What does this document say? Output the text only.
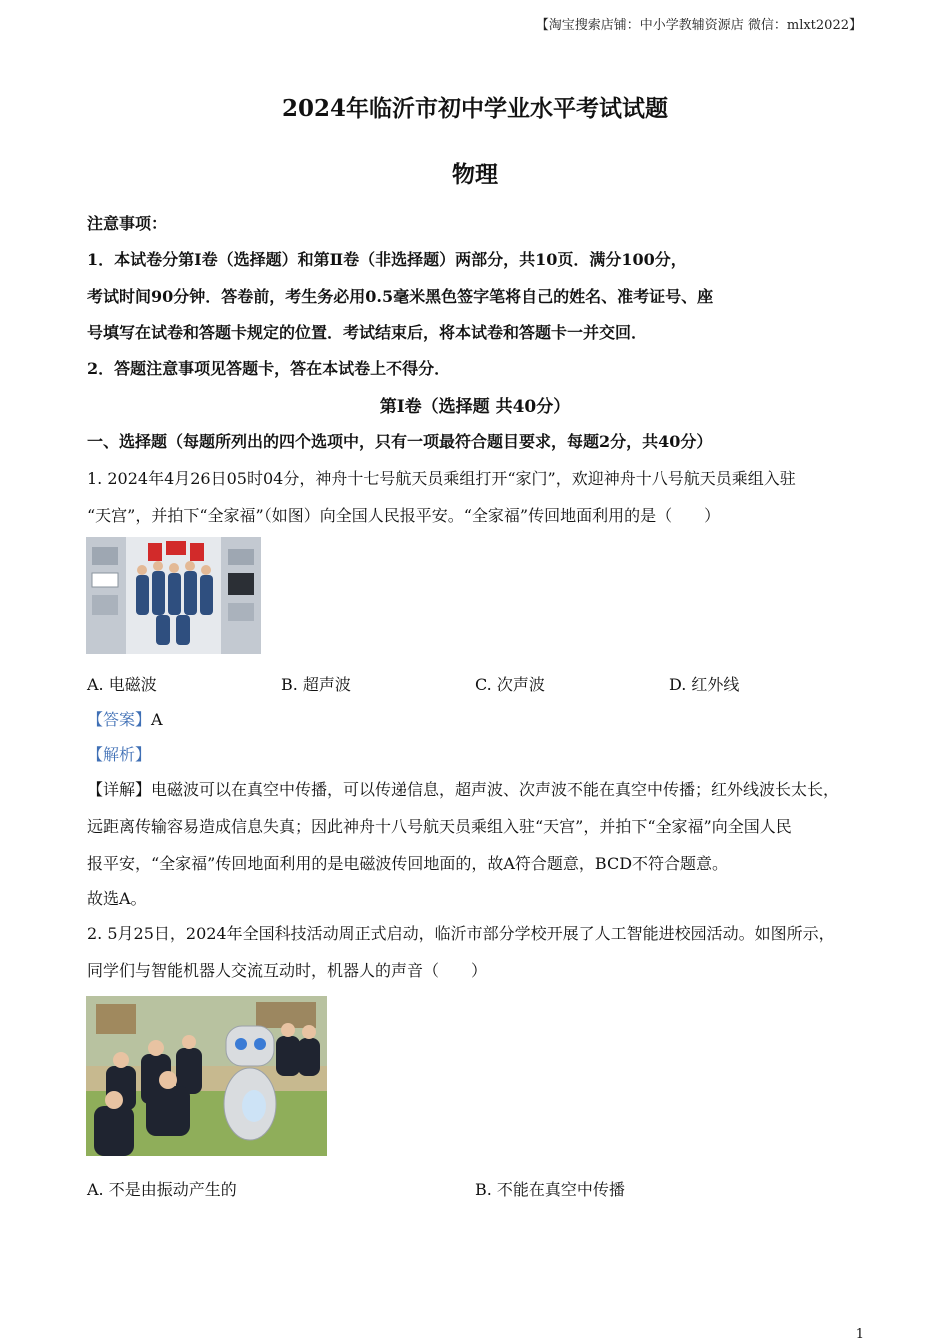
【淘宝搜索店铺：中小学教辅资源店 微信：mlxt2022】
2024年临沂市初中学业水平考试试题
物理
注意事项：
1．本试卷分第Ⅰ卷（选择题）和第Ⅱ卷（非选择题）两部分，共10页．满分100分，
考试时间90分钟．答卷前，考生务必用0.5毫米黑色签字笔将自己的姓名、准考证号、座
号填写在试卷和答题卡规定的位置．考试结束后，将本试卷和答题卡一并交回．
2．答题注意事项见答题卡，答在本试卷上不得分．
第Ⅰ卷（选择题 共40分）
一、选择题（每题所列出的四个选项中，只有一项最符合题目要求，每题2分，共40分）
1. 2024年4月26日05时04分，神舟十七号航天员乘组打开“家门”，欢迎神舟十八号航天员乘组入驻
“天宫”，并拍下“全家福”（如图）向全国人民报平安。“全家福”传回地面利用的是（　　）
A. 电磁波	B. 超声波	C. 次声波	D. 红外线
【答案】A
【解析】
【详解】电磁波可以在真空中传播，可以传递信息，超声波、次声波不能在真空中传播；红外线波长太长，
远距离传输容易造成信息失真；因此神舟十八号航天员乘组入驻“天宫”，并拍下“全家福”向全国人民
报平安，“全家福”传回地面利用的是电磁波传回地面的，故A符合题意，BCD不符合题意。
故选A。
2. 5月25日，2024年全国科技活动周正式启动，临沂市部分学校开展了人工智能进校园活动。如图所示，
同学们与智能机器人交流互动时，机器人的声音（　　）
A. 不是由振动产生的	B. 不能在真空中传播
1
